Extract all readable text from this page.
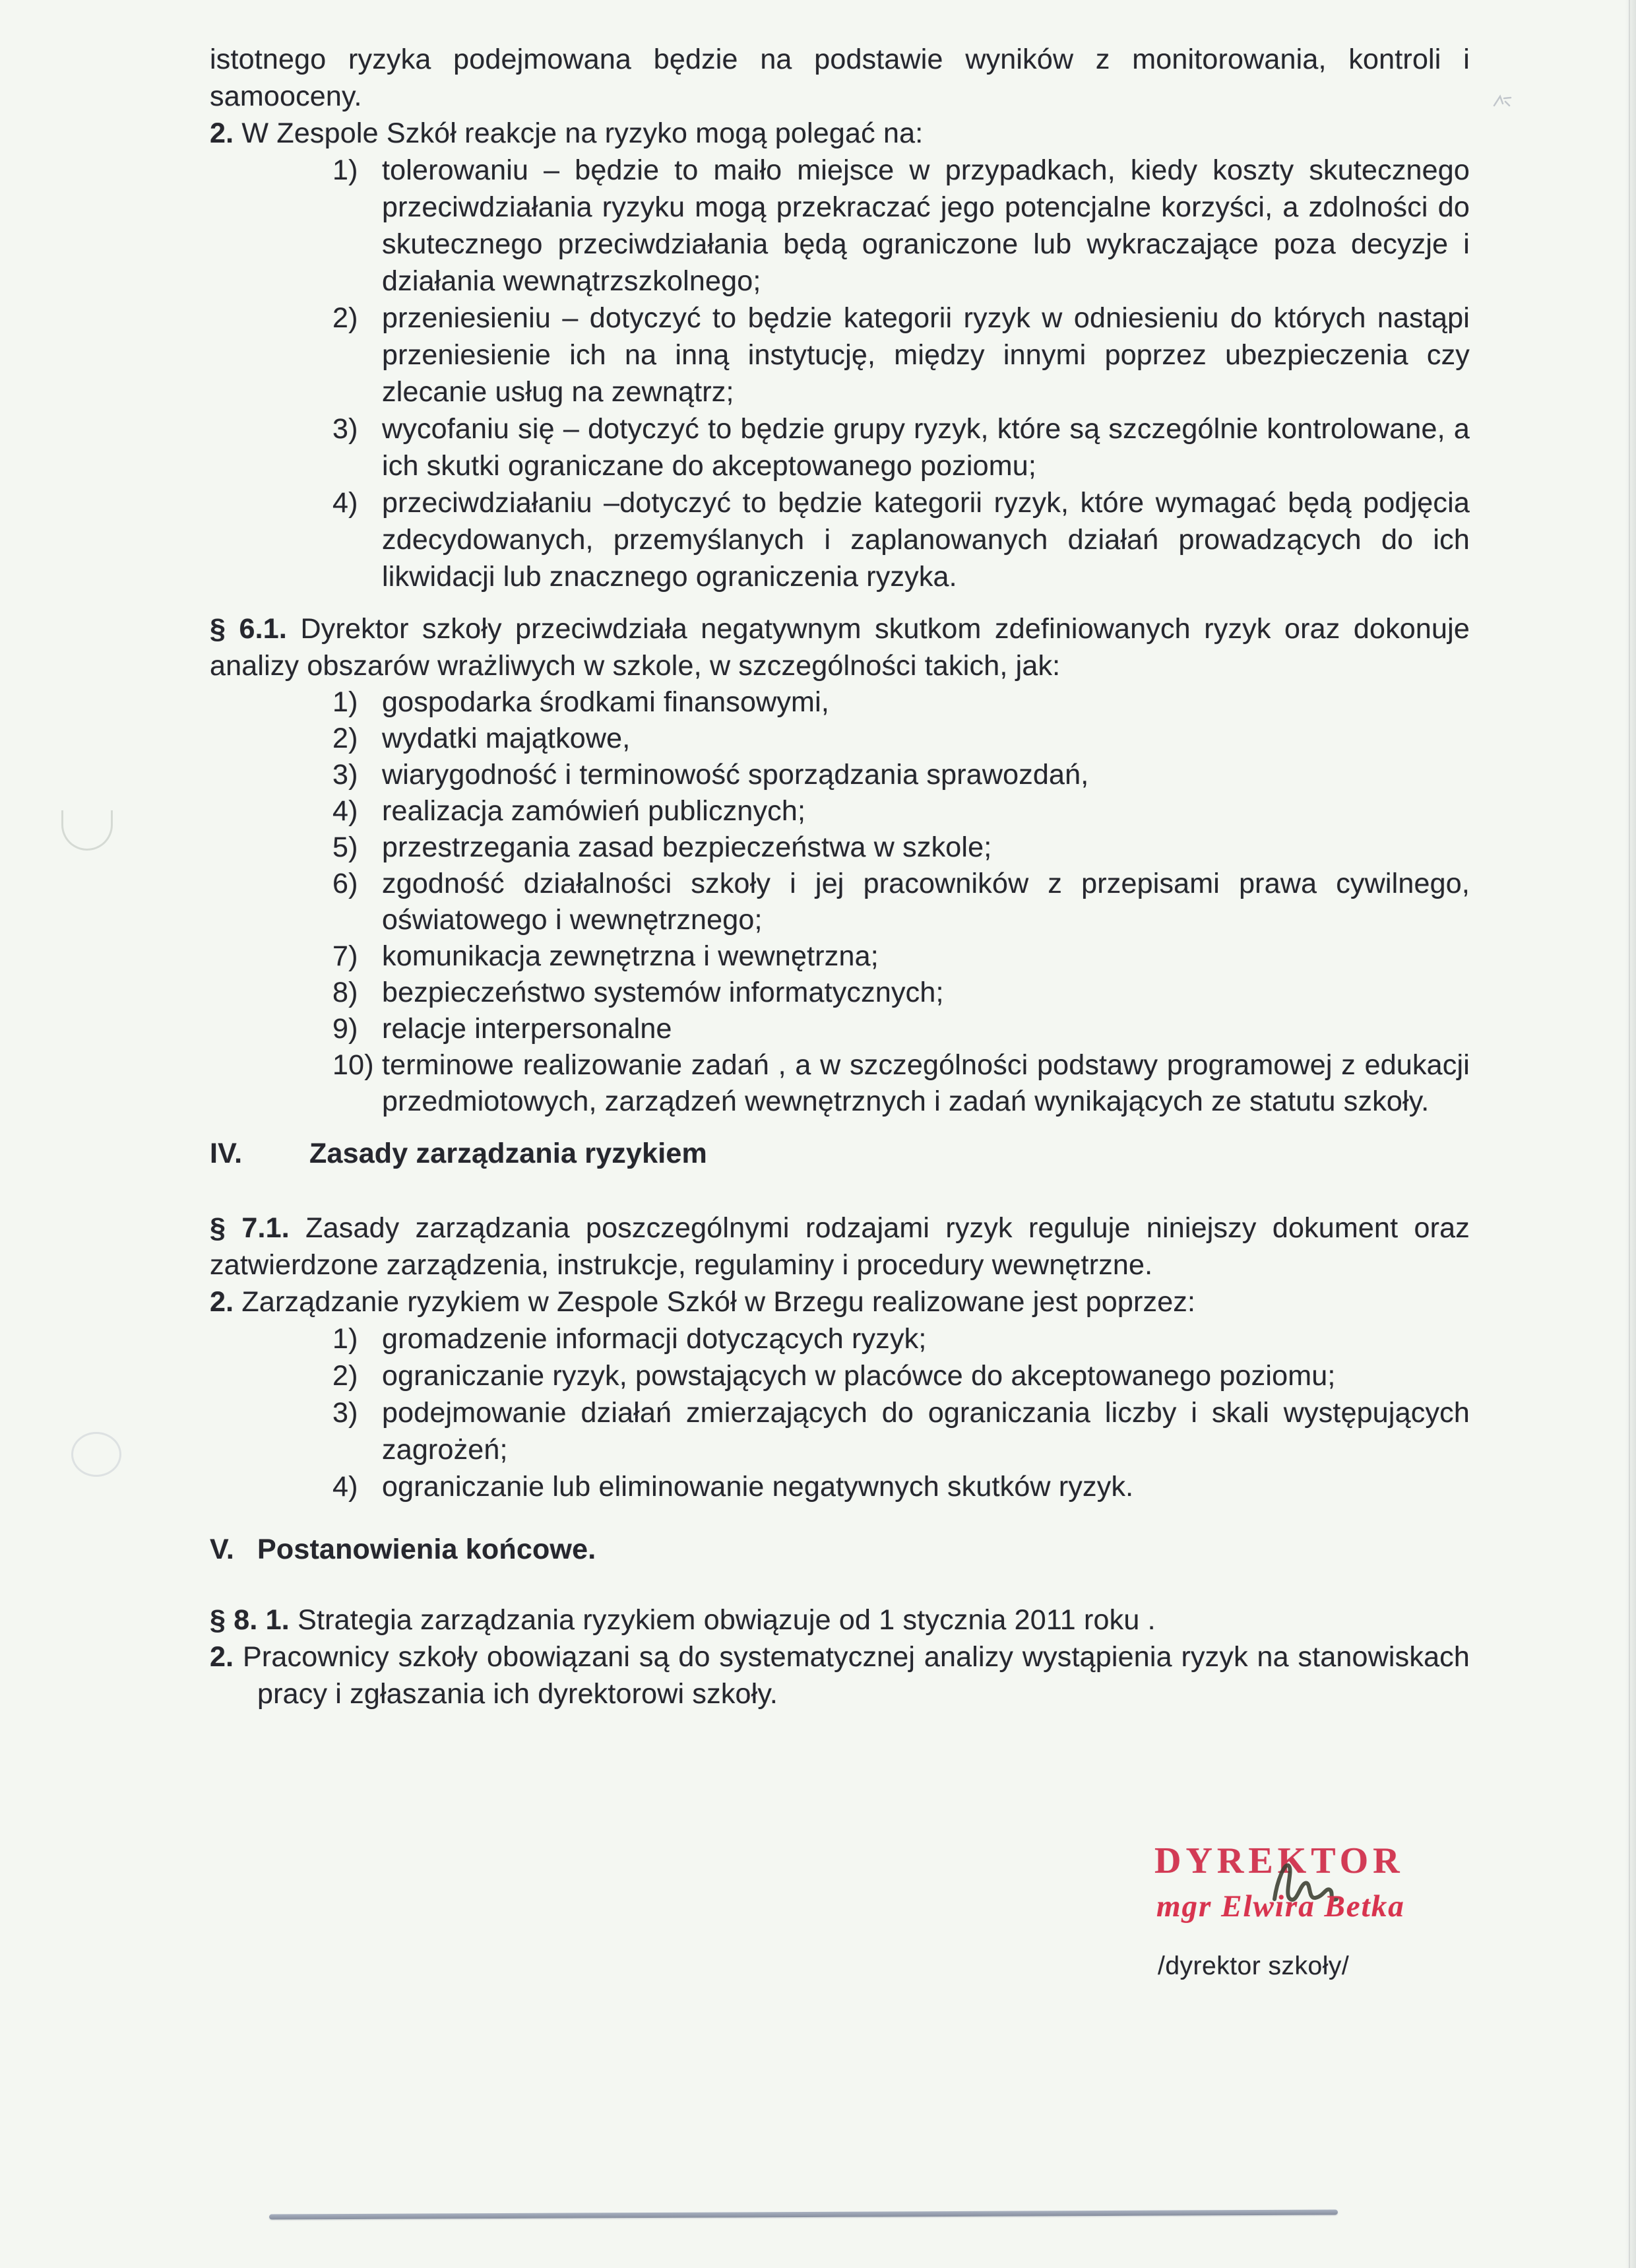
istotnego ryzyka podejmowana będzie na podstawie wyników z monitorowania, kontroli i samooceny.

2. W Zespole Szkół reakcje na ryzyko mogą polegać na:

1) tolerowaniu – będzie to maiło miejsce w przypadkach, kiedy koszty skutecznego przeciwdziałania ryzyku mogą przekraczać jego potencjalne korzyści, a zdolności do skutecznego przeciwdziałania będą ograniczone lub wykraczające poza decyzje i działania wewnątrzszkolnego;
2) przeniesieniu – dotyczyć to będzie kategorii ryzyk w odniesieniu do których nastąpi przeniesienie ich na inną instytucję, między innymi poprzez ubezpieczenia czy zlecanie usług na zewnątrz;
3) wycofaniu się – dotyczyć to będzie grupy ryzyk, które są szczególnie kontrolowane, a ich skutki ograniczane do akceptowanego poziomu;
4) przeciwdziałaniu –dotyczyć to będzie kategorii ryzyk, które wymagać będą podjęcia zdecydowanych, przemyślanych i zaplanowanych działań prowadzących do ich likwidacji lub znacznego ograniczenia ryzyka.

§ 6.1. Dyrektor szkoły przeciwdziała negatywnym skutkom zdefiniowanych ryzyk oraz dokonuje analizy obszarów wrażliwych w szkole, w szczególności takich, jak:

1) gospodarka środkami finansowymi,
2) wydatki majątkowe,
3) wiarygodność i terminowość sporządzania sprawozdań,
4) realizacja zamówień publicznych;
5) przestrzegania zasad bezpieczeństwa w szkole;
6) zgodność działalności szkoły i jej pracowników z przepisami prawa cywilnego, oświatowego i wewnętrznego;
7) komunikacja zewnętrzna i wewnętrzna;
8) bezpieczeństwo systemów informatycznych;
9) relacje interpersonalne
10) terminowe realizowanie zadań , a w szczególności podstawy programowej z edukacji przedmiotowych, zarządzeń wewnętrznych i zadań wynikających ze statutu szkoły.

IV. Zasady zarządzania ryzykiem

§ 7.1. Zasady zarządzania poszczególnymi rodzajami ryzyk reguluje niniejszy dokument oraz zatwierdzone zarządzenia, instrukcje, regulaminy i procedury wewnętrzne.

2. Zarządzanie ryzykiem w Zespole Szkół w Brzegu realizowane jest poprzez:

1) gromadzenie informacji dotyczących ryzyk;
2) ograniczanie ryzyk, powstających w placówce do akceptowanego poziomu;
3) podejmowanie działań zmierzających do ograniczania liczby i skali występujących zagrożeń;
4) ograniczanie lub eliminowanie negatywnych skutków ryzyk.

V. Postanowienia końcowe.

§ 8. 1. Strategia zarządzania ryzykiem obwiązuje od 1 stycznia 2011 roku .

2. Pracownicy szkoły obowiązani są do systematycznej analizy wystąpienia ryzyk na stanowiskach pracy i zgłaszania ich dyrektorowi szkoły.

DYREKTOR
mgr Elwira Betka
/dyrektor szkoły/
